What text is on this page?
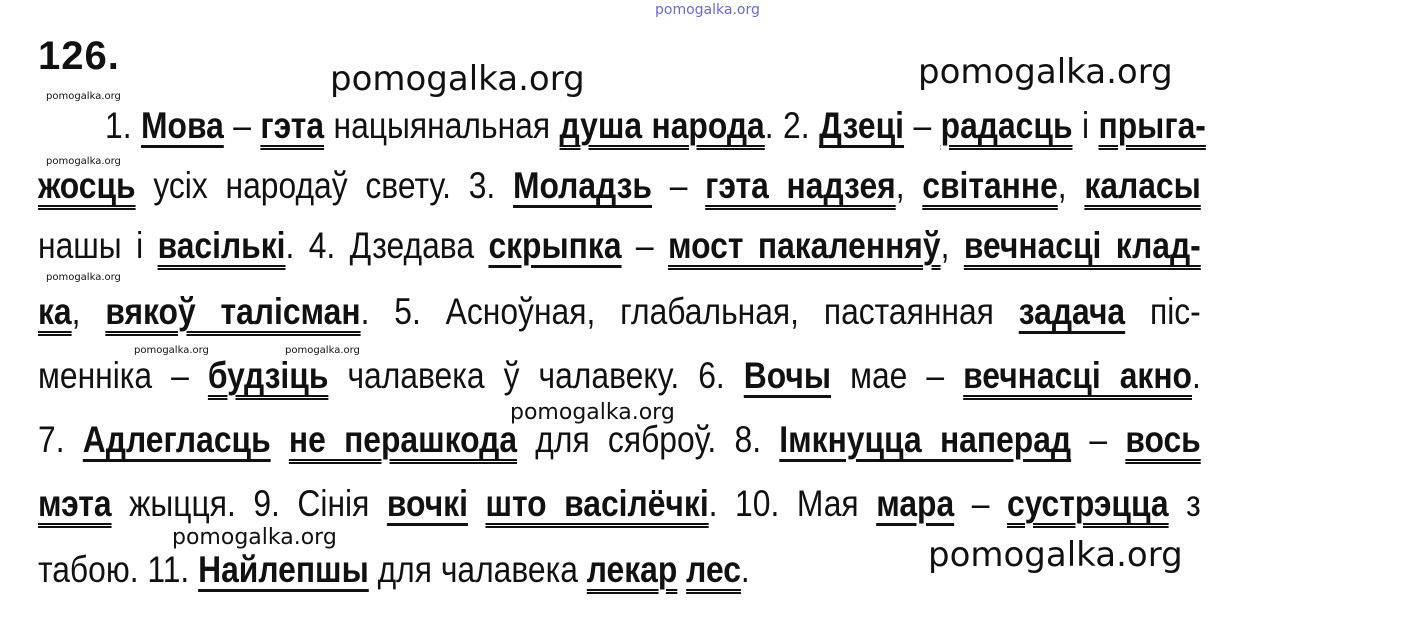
pomogalka.org
126.
1. Мова – гэта нацыянальная душа народа. 2. Дзеці – радасць і прыга-
жосць усіх народаў свету. 3. Моладзь – гэта надзея, світанне, каласы
нашы і васількі. 4. Дзедава скрыпка – мост пакаленняў, вечнасці клад-
ка, вякоў талісман. 5. Асноўная, глабальная, пастаянная задача піс-
менніка – будзіць чалавека ў чалавеку. 6. Вочы мае – вечнасці акно.
7. Адлегласць не перашкода для сяброў. 8. Імкнуцца наперад – вось
мэта жыцця. 9. Сінія вочкі што васілёчкі. 10. Мая мара – сустрэцца з
табою. 11. Найлепшы для чалавека лекар лес.
pomogalka.org	pomogalka.org
pomogalka.org
pomogalka.org
pomogalka.org
pomogalka.org
pomogalka.org
pomogalka.org
pomogalka.org	pomogalka.org
